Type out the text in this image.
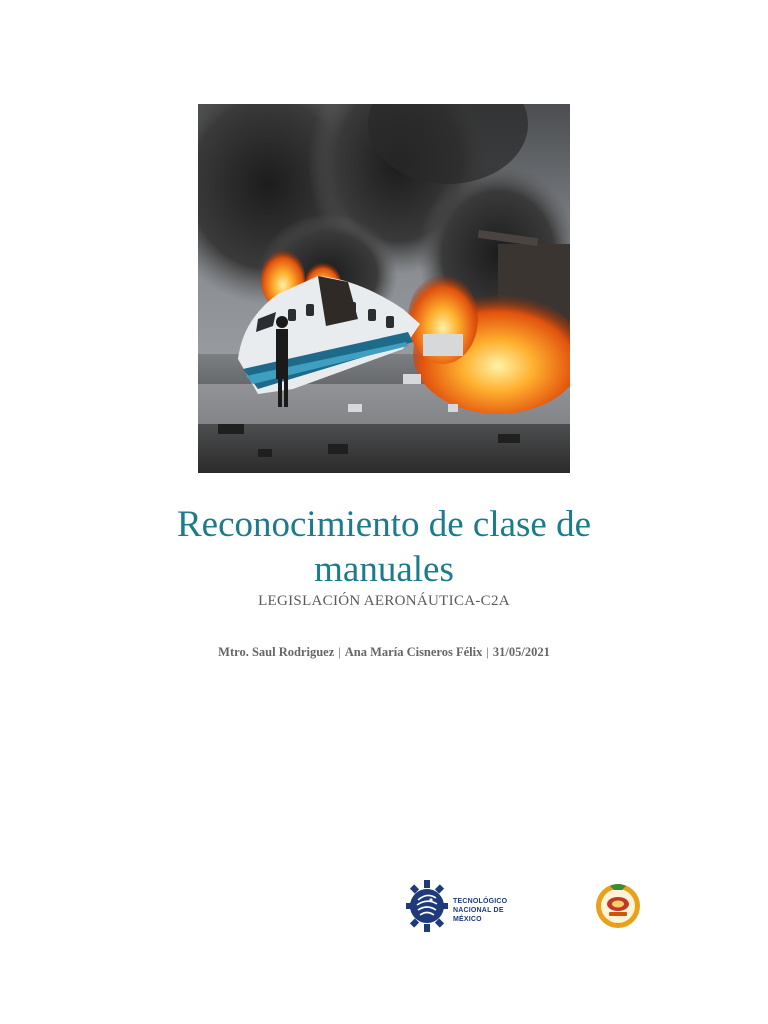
Reconocimiento de clase de
manuales

LEGISLACIÓN AERONÁUTICA-C2A

Mtro. Saul Rodriguez | Ana María Cisneros Félix | 31/05/2021

TECNOLÓGICO
NACIONAL DE MÉXICO	- -
